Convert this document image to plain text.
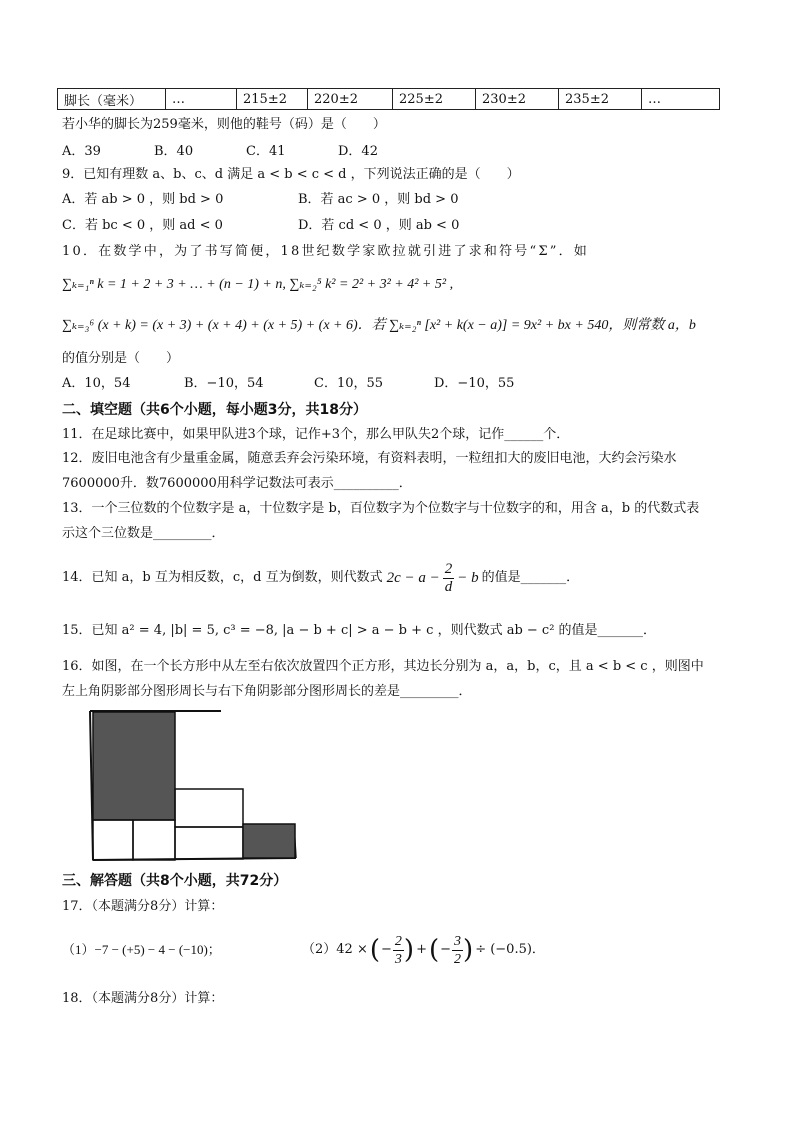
脚长（毫米）	…	215±2	220±2	225±2	230±2	235±2	…
若小华的脚长为259毫米，则他的鞋号（码）是（　　）
A．39	B．40	C．41	D．42
9．已知有理数 a、b、c、d 满足 a < b < c < d ，下列说法正确的是（　　）
A．若 ab > 0 ，则 bd > 0	B．若 ac > 0 ，则 bd > 0
C．若 bc < 0 ，则 ad < 0	D．若 cd < 0 ，则 ab < 0
10．在数学中，为了书写简便，18世纪数学家欧拉就引进了求和符号“Σ”．如
∑ₖ₌₁ⁿ k = 1 + 2 + 3 + … + (n − 1) + n, ∑ₖ₌₂⁵ k² = 2² + 3² + 4² + 5² ,
∑ₖ₌₃⁶ (x + k) = (x + 3) + (x + 4) + (x + 5) + (x + 6)．若 ∑ₖ₌₂ⁿ [x² + k(x − a)] = 9x² + bx + 540，则常数 a，b
的值分别是（　　）
A．10，54	B．−10，54	C．10，55	D．−10，55
二、填空题（共6个小题，每小题3分，共18分）
11．在足球比赛中，如果甲队进3个球，记作+3个，那么甲队失2个球，记作______个．
12．废旧电池含有少量重金属，随意丢弃会污染环境，有资料表明，一粒纽扣大的废旧电池，大约会污染水
7600000升．数7600000用科学记数法可表示__________．
13．一个三位数的个位数字是 a，十位数字是 b，百位数字为个位数字与十位数字的和，用含 a，b 的代数式表
示这个三位数是_________．
14．已知 a，b 互为相反数，c，d 互为倒数，则代数式 $2c - a - \frac{2}{d} - b$ 的值是_______．
15．已知 a² = 4, |b| = 5, c³ = −8, |a − b + c| > a − b + c ，则代数式 ab − c² 的值是_______．
16．如图，在一个长方形中从左至右依次放置四个正方形，其边长分别为 a，a，b，c，且 a < b < c ，则图中
左上角阴影部分图形周长与右下角阴影部分图形周长的差是_________．
三、解答题（共8个小题，共72分）
17．（本题满分8分）计算：
（1）−7 − (+5) − 4 − (−10)；	（2）42 × ( − $\frac{2}{3}$ ) + ( − $\frac{3}{2}$ ) ÷ (−0.5)．
18．（本题满分8分）计算：
